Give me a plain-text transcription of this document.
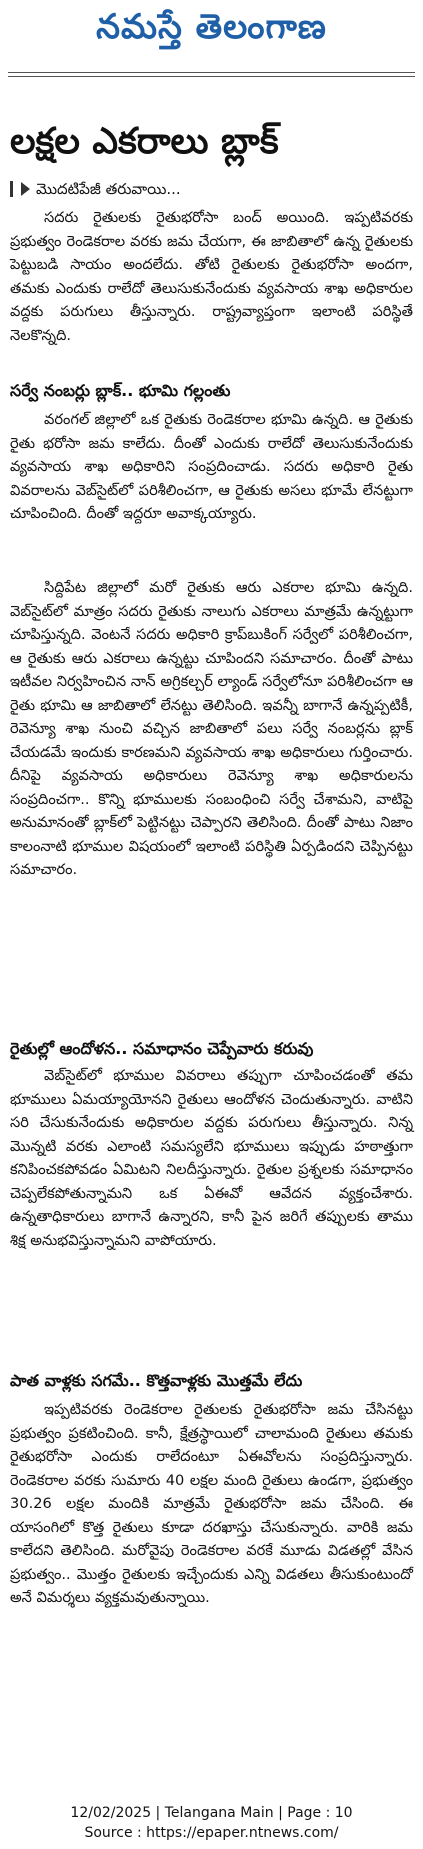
నమస్తే తెలంగాణ
లక్షల ఎకరాలు బ్లాక్
మొదటిపేజీ తరువాయి...

సదరు రైతులకు రైతుభరోసా బంద్ అయింది. ఇప్పటివరకు ప్రభుత్వం రెండెకరాల వరకు జమ చేయగా, ఈ జాబితాలో ఉన్న రైతులకు పెట్టుబడి సాయం అందలేదు. తోటి రైతులకు రైతుభరోసా అందగా, తమకు ఎందుకు రాలేదో తెలుసుకునేందుకు వ్యవసాయ శాఖ అధికారుల వద్దకు పరుగులు తీస్తున్నారు. రాష్ట్రవ్యాప్తంగా ఇలాంటి పరిస్థితే నెలకొన్నది.

సర్వే నంబర్లు బ్లాక్.. భూమి గల్లంతు

వరంగల్ జిల్లాలో ఒక రైతుకు రెండెకరాల భూమి ఉన్నది. ఆ రైతుకు రైతు భరోసా జమ కాలేదు. దీంతో ఎందుకు రాలేదో తెలుసుకునేందుకు వ్యవసాయ శాఖ అధికారిని సంప్రదించాడు. సదరు అధికారి రైతు వివరాలను వెబ్‌సైట్‌లో పరిశీలించగా, ఆ రైతుకు అసలు భూమే లేనట్టుగా చూపించింది. దీంతో ఇద్దరూ అవాక్కయ్యారు.

సిద్దిపేట జిల్లాలో మరో రైతుకు ఆరు ఎకరాల భూమి ఉన్నది. వెబ్‌సైట్‌లో మాత్రం సదరు రైతుకు నాలుగు ఎకరాలు మాత్రమే ఉన్నట్టుగా చూపిస్తున్నది. వెంటనే సదరు అధికారి క్రాప్‌బుకింగ్ సర్వేలో పరిశీలించగా, ఆ రైతుకు ఆరు ఎకరాలు ఉన్నట్టు చూపిందని సమాచారం. దీంతో పాటు ఇటీవల నిర్వహించిన నాన్ అగ్రికల్చర్ ల్యాండ్ సర్వేలోనూ పరిశీలించగా ఆ రైతు భూమి ఆ జాబితాలో లేనట్టు తెలిసింది. ఇవన్నీ బాగానే ఉన్నప్పటికీ, రెవెన్యూ శాఖ నుంచి వచ్చిన జాబితాలో పలు సర్వే నంబర్లను బ్లాక్ చేయడమే ఇందుకు కారణమని వ్యవసాయ శాఖ అధికారులు గుర్తించారు. దీనిపై వ్యవసాయ అధికారులు రెవెన్యూ శాఖ అధికారులను సంప్రదించగా.. కొన్ని భూములకు సంబంధించి సర్వే చేశామని, వాటిపై అనుమానంతో బ్లాక్‌లో పెట్టినట్టు చెప్పారని తెలిసింది. దీంతో పాటు నిజాం కాలంనాటి భూముల విషయంలో ఇలాంటి పరిస్థితి ఏర్పడిందని చెప్పినట్టు సమాచారం.

రైతుల్లో ఆందోళన.. సమాధానం చెప్పేవారు కరువు

వెబ్‌సైట్‌లో భూముల వివరాలు తప్పుగా చూపించడంతో తమ భూములు ఏమయ్యాయోనని రైతులు ఆందోళన చెందుతున్నారు. వాటిని సరి చేసుకునేందుకు అధికారుల వద్దకు పరుగులు తీస్తున్నారు. నిన్న మొన్నటి వరకు ఎలాంటి సమస్యలేని భూములు ఇప్పుడు హఠాత్తుగా కనిపించకపోవడం ఏమిటని నిలదీస్తున్నారు. రైతుల ప్రశ్నలకు సమాధానం చెప్పలేకపోతున్నామని ఒక ఏఈవో ఆవేదన వ్యక్తంచేశారు. ఉన్నతాధికారులు బాగానే ఉన్నారని, కానీ పైన జరిగే తప్పులకు తాము శిక్ష అనుభవిస్తున్నామని వాపోయారు.

పాత వాళ్లకు సగమే.. కొత్తవాళ్లకు మొత్తమే లేదు

ఇప్పటివరకు రెండెకరాల రైతులకు రైతుభరోసా జమ చేసినట్టు ప్రభుత్వం ప్రకటించింది. కానీ, క్షేత్రస్థాయిలో చాలామంది రైతులు తమకు రైతుభరోసా ఎందుకు రాలేదంటూ ఏఈవోలను సంప్రదిస్తున్నారు. రెండెకరాల వరకు సుమారు 40 లక్షల మంది రైతులు ఉండగా, ప్రభుత్వం 30.26 లక్షల మందికి మాత్రమే రైతుభరోసా జమ చేసింది. ఈ యాసంగిలో కొత్త రైతులు కూడా దరఖాస్తు చేసుకున్నారు. వారికి జమ కాలేదని తెలిసింది. మరోవైపు రెండెకరాల వరకే మూడు విడతల్లో వేసిన ప్రభుత్వం.. మొత్తం రైతులకు ఇచ్చేందుకు ఎన్ని విడతలు తీసుకుంటుందో అనే విమర్శలు వ్యక్తమవుతున్నాయి.

12/02/2025 | Telangana Main | Page : 10
Source : https://epaper.ntnews.com/
